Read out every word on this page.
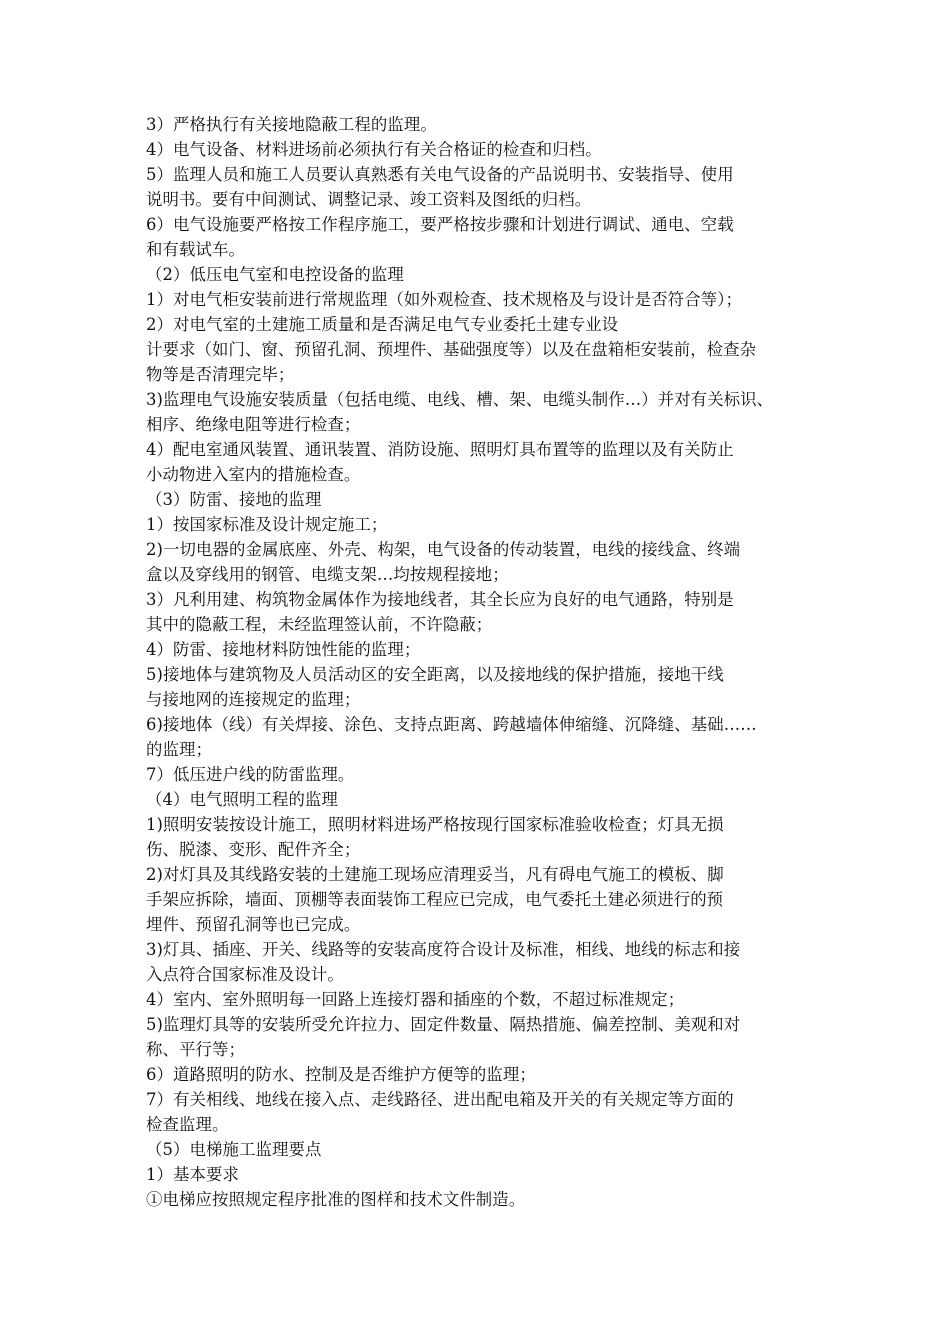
3）严格执行有关接地隐蔽工程的监理。
4）电气设备、材料进场前必须执行有关合格证的检查和归档。
5）监理人员和施工人员要认真熟悉有关电气设备的产品说明书、安装指导、使用
说明书。要有中间测试、调整记录、竣工资料及图纸的归档。
6）电气设施要严格按工作程序施工，要严格按步骤和计划进行调试、通电、空载
和有载试车。
（2）低压电气室和电控设备的监理
1）对电气柜安装前进行常规监理（如外观检查、技术规格及与设计是否符合等）；
2）对电气室的土建施工质量和是否满足电气专业委托土建专业设
计要求（如门、窗、预留孔洞、预埋件、基础强度等）以及在盘箱柜安装前，检查杂
物等是否清理完毕；
3)监理电气设施安装质量（包括电缆、电线、槽、架、电缆头制作…）并对有关标识、
相序、绝缘电阻等进行检查；
4）配电室通风装置、通讯装置、消防设施、照明灯具布置等的监理以及有关防止
小动物进入室内的措施检查。
（3）防雷、接地的监理
1）按国家标准及设计规定施工；
2)一切电器的金属底座、外壳、构架，电气设备的传动装置，电线的接线盒、终端
盒以及穿线用的钢管、电缆支架…均按规程接地；
3）凡利用建、构筑物金属体作为接地线者，其全长应为良好的电气通路，特别是
其中的隐蔽工程，未经监理签认前，不许隐蔽；
4）防雷、接地材料防蚀性能的监理；
5)接地体与建筑物及人员活动区的安全距离，以及接地线的保护措施，接地干线
与接地网的连接规定的监理；
6)接地体（线）有关焊接、涂色、支持点距离、跨越墙体伸缩缝、沉降缝、基础……
的监理；
7）低压进户线的防雷监理。
（4）电气照明工程的监理
1)照明安装按设计施工，照明材料进场严格按现行国家标准验收检查；灯具无损
伤、脱漆、变形、配件齐全；
2)对灯具及其线路安装的土建施工现场应清理妥当，凡有碍电气施工的模板、脚
手架应拆除，墙面、顶棚等表面装饰工程应已完成，电气委托土建必须进行的预
埋件、预留孔洞等也已完成。
3)灯具、插座、开关、线路等的安装高度符合设计及标准，相线、地线的标志和接
入点符合国家标准及设计。
4）室内、室外照明每一回路上连接灯器和插座的个数，不超过标准规定；
5)监理灯具等的安装所受允许拉力、固定件数量、隔热措施、偏差控制、美观和对
称、平行等；
6）道路照明的防水、控制及是否维护方便等的监理；
7）有关相线、地线在接入点、走线路径、进出配电箱及开关的有关规定等方面的
检查监理。
（5）电梯施工监理要点
1）基本要求
①电梯应按照规定程序批准的图样和技术文件制造。
